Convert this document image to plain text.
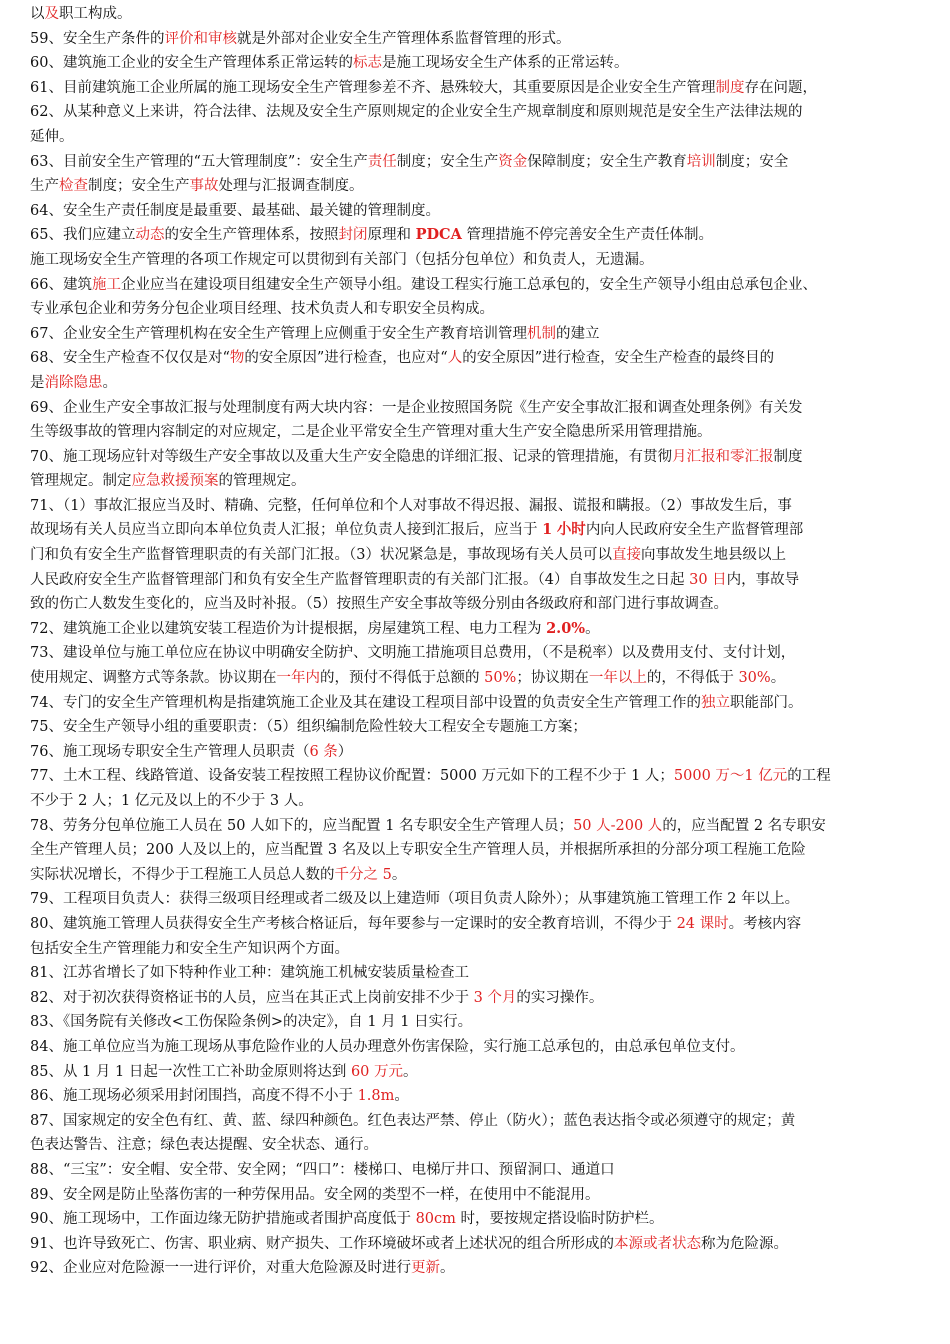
以及职工构成。
59、安全生产条件的评价和审核就是外部对企业安全生产管理体系监督管理的形式。
60、建筑施工企业的安全生产管理体系正常运转的标志是施工现场安全生产体系的正常运转。
61、目前建筑施工企业所属的施工现场安全生产管理参差不齐、悬殊较大，其重要原因是企业安全生产管理制度存在问题，
62、从某种意义上来讲，符合法律、法规及安全生产原则规定的企业安全生产规章制度和原则规范是安全生产法律法规的
延伸。
63、目前安全生产管理的“五大管理制度”：安全生产责任制度；安全生产资金保障制度；安全生产教育培训制度；安全
生产检查制度；安全生产事故处理与汇报调查制度。
64、安全生产责任制度是最重要、最基础、最关键的管理制度。
65、我们应建立动态的安全生产管理体系，按照封闭原理和 PDCA 管理措施不停完善安全生产责任体制。
施工现场安全生产管理的各项工作规定可以贯彻到有关部门（包括分包单位）和负责人，无遗漏。
66、建筑施工企业应当在建设项目组建安全生产领导小组。建设工程实行施工总承包的，安全生产领导小组由总承包企业、
专业承包企业和劳务分包企业项目经理、技术负责人和专职安全员构成。
67、企业安全生产管理机构在安全生产管理上应侧重于安全生产教育培训管理机制的建立
68、安全生产检查不仅仅是对“物的安全原因”进行检查，也应对“人的安全原因”进行检查，安全生产检查的最终目的
是消除隐患。
69、企业生产安全事故汇报与处理制度有两大块内容：一是企业按照国务院《生产安全事故汇报和调查处理条例》有关发
生等级事故的管理内容制定的对应规定，二是企业平常安全生产管理对重大生产安全隐患所采用管理措施。
70、施工现场应针对等级生产安全事故以及重大生产安全隐患的详细汇报、记录的管理措施，有贯彻月汇报和零汇报制度
管理规定。制定应急救援预案的管理规定。
71、（1）事故汇报应当及时、精确、完整，任何单位和个人对事故不得迟报、漏报、谎报和瞒报。（2）事故发生后，事
故现场有关人员应当立即向本单位负责人汇报；单位负责人接到汇报后，应当于 1 小时内向人民政府安全生产监督管理部
门和负有安全生产监督管理职责的有关部门汇报。（3）状况紧急是，事故现场有关人员可以直接向事故发生地县级以上
人民政府安全生产监督管理部门和负有安全生产监督管理职责的有关部门汇报。（4）自事故发生之日起 30 日内，事故导
致的伤亡人数发生变化的，应当及时补报。（5）按照生产安全事故等级分别由各级政府和部门进行事故调查。
72、建筑施工企业以建筑安装工程造价为计提根据，房屋建筑工程、电力工程为 2.0%。
73、建设单位与施工单位应在协议中明确安全防护、文明施工措施项目总费用，（不是税率）以及费用支付、支付计划，
使用规定、调整方式等条款。协议期在一年内的，预付不得低于总额的 50%；协议期在一年以上的，不得低于 30%。
74、专门的安全生产管理机构是指建筑施工企业及其在建设工程项目部中设置的负责安全生产管理工作的独立职能部门。
75、安全生产领导小组的重要职责：（5）组织编制危险性较大工程安全专题施工方案；
76、施工现场专职安全生产管理人员职责（6 条）
77、土木工程、线路管道、设备安装工程按照工程协议价配置：5000 万元如下的工程不少于 1 人；5000 万～1 亿元的工程
不少于 2 人；1 亿元及以上的不少于 3 人。
78、劳务分包单位施工人员在 50 人如下的，应当配置 1 名专职安全生产管理人员；50 人-200 人的，应当配置 2 名专职安
全生产管理人员；200 人及以上的，应当配置 3 名及以上专职安全生产管理人员，并根据所承担的分部分项工程施工危险
实际状况增长，不得少于工程施工人员总人数的千分之 5。
79、工程项目负责人：获得三级项目经理或者二级及以上建造师（项目负责人除外）；从事建筑施工管理工作 2 年以上。
80、建筑施工管理人员获得安全生产考核合格证后，每年要参与一定课时的安全教育培训，不得少于 24 课时。考核内容
包括安全生产管理能力和安全生产知识两个方面。
81、江苏省增长了如下特种作业工种：建筑施工机械安装质量检查工
82、对于初次获得资格证书的人员，应当在其正式上岗前安排不少于 3 个月的实习操作。
83、《国务院有关修改<工伤保险条例>的决定》，自 1 月 1 日实行。
84、施工单位应当为施工现场从事危险作业的人员办理意外伤害保险，实行施工总承包的，由总承包单位支付。
85、从 1 月 1 日起一次性工亡补助金原则将达到 60 万元。
86、施工现场必须采用封闭围挡，高度不得不小于 1.8m。
87、国家规定的安全色有红、黄、蓝、绿四种颜色。红色表达严禁、停止（防火）；蓝色表达指令或必须遵守的规定；黄
色表达警告、注意；绿色表达提醒、安全状态、通行。
88、“三宝”：安全帽、安全带、安全网；“四口”：楼梯口、电梯厅井口、预留洞口、通道口
89、安全网是防止坠落伤害的一种劳保用品。安全网的类型不一样，在使用中不能混用。
90、施工现场中，工作面边缘无防护措施或者围护高度低于 80cm 时，要按规定搭设临时防护栏。
91、也许导致死亡、伤害、职业病、财产损失、工作环境破坏或者上述状况的组合所形成的本源或者状态称为危险源。
92、企业应对危险源一一进行评价，对重大危险源及时进行更新。
